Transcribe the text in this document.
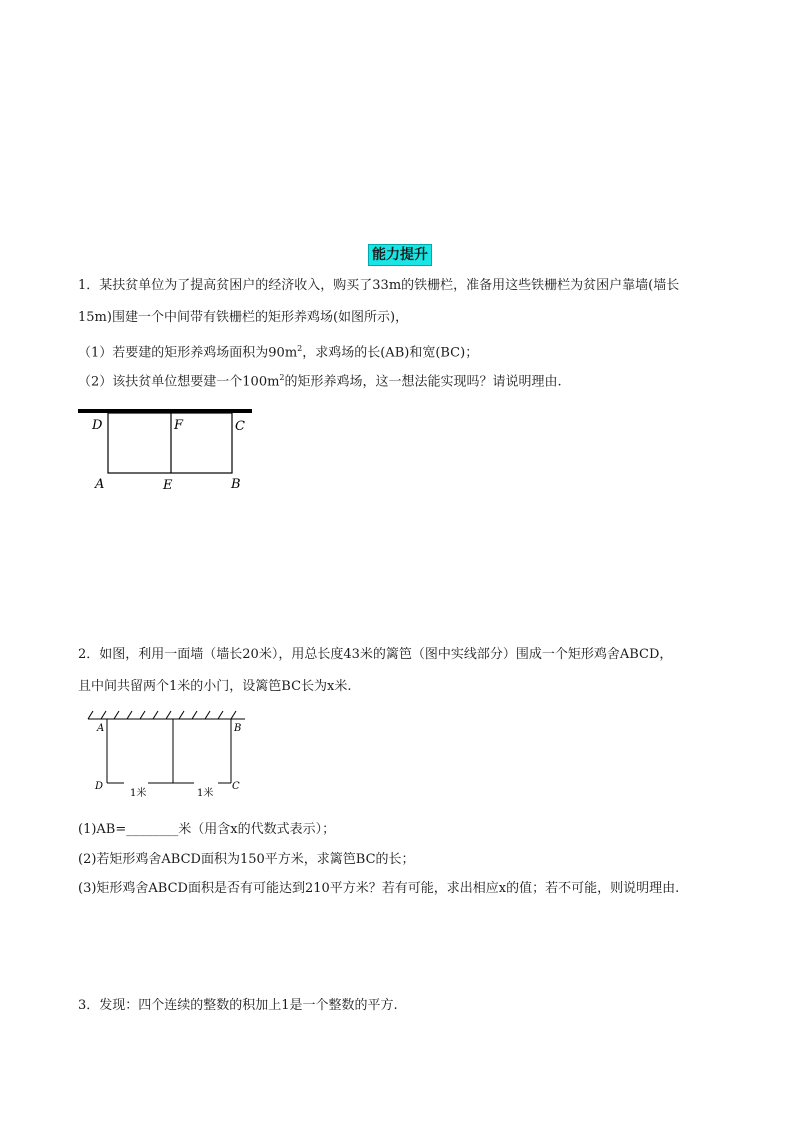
能力提升
1．某扶贫单位为了提高贫困户的经济收入，购买了33m的铁栅栏，准备用这些铁栅栏为贫困户靠墙(墙长
15m)围建一个中间带有铁栅栏的矩形养鸡场(如图所示)，
（1）若要建的矩形养鸡场面积为$90m^2$，求鸡场的长(AB)和宽(BC)；
（2）该扶贫单位想要建一个$100m^2$的矩形养鸡场，这一想法能实现吗？请说明理由.
D	F	C
A	E	B
2．如图，利用一面墙（墙长20米），用总长度43米的篱笆（图中实线部分）围成一个矩形鸡舍ABCD，
且中间共留两个1米的小门，设篱笆BC长为x米.
A	B
D	C
1米	1米
(1)AB=________米（用含x的代数式表示）；
(2)若矩形鸡舍ABCD面积为150平方米，求篱笆BC的长；
(3)矩形鸡舍ABCD面积是否有可能达到210平方米？若有可能，求出相应x的值；若不可能，则说明理由.
3．发现：四个连续的整数的积加上1是一个整数的平方.
